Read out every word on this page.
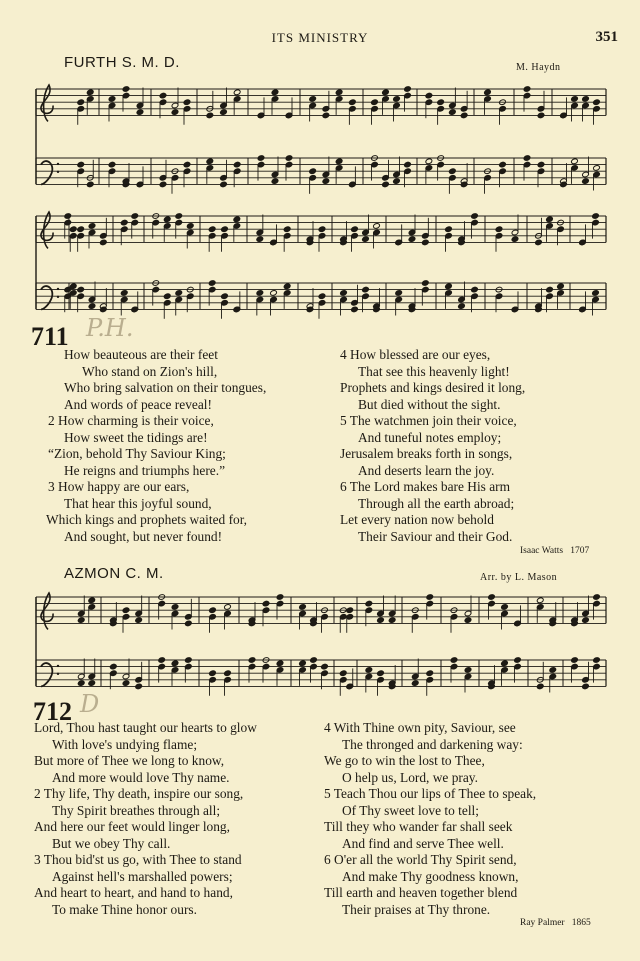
ITS MINISTRY	351
FURTH S. M. D.	M. Haydn
711 P.H.
How beauteous are their feet
Who stand on Zion's hill,
Who bring salvation on their tongues,
And words of peace reveal!
2 How charming is their voice,
How sweet the tidings are!
“Zion, behold Thy Saviour King;
He reigns and triumphs here.”
3 How happy are our ears,
That hear this joyful sound,
Which kings and prophets waited for,
And sought, but never found!
4 How blessed are our eyes,
That see this heavenly light!
Prophets and kings desired it long,
But died without the sight.
5 The watchmen join their voice,
And tuneful notes employ;
Jerusalem breaks forth in songs,
And deserts learn the joy.
6 The Lord makes bare His arm
Through all the earth abroad;
Let every nation now behold
Their Saviour and their God.
Isaac Watts 1707
AZMON C. M.	Arr. by L. Mason
712 D
Lord, Thou hast taught our hearts to glow
With love's undying flame;
But more of Thee we long to know,
And more would love Thy name.
2 Thy life, Thy death, inspire our song,
Thy Spirit breathes through all;
And here our feet would linger long,
But we obey Thy call.
3 Thou bid'st us go, with Thee to stand
Against hell's marshalled powers;
And heart to heart, and hand to hand,
To make Thine honor ours.
4 With Thine own pity, Saviour, see
The thronged and darkening way:
We go to win the lost to Thee,
O help us, Lord, we pray.
5 Teach Thou our lips of Thee to speak,
Of Thy sweet love to tell;
Till they who wander far shall seek
And find and serve Thee well.
6 O'er all the world Thy Spirit send,
And make Thy goodness known,
Till earth and heaven together blend
Their praises at Thy throne.
Ray Palmer 1865
